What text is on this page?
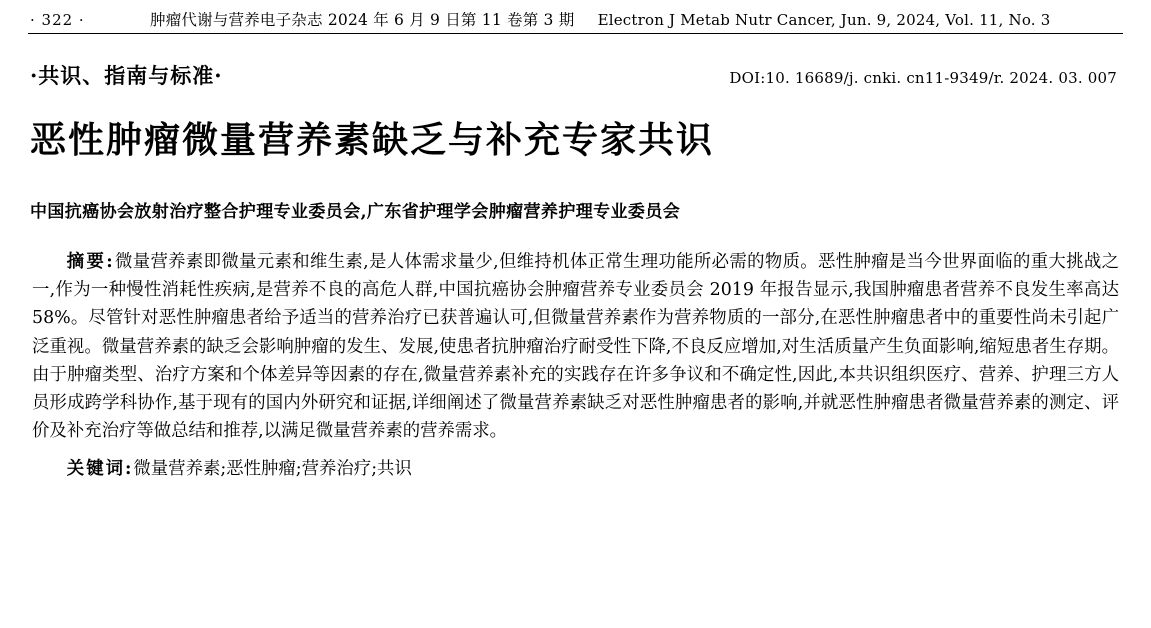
· 322 ·	肿瘤代谢与营养电子杂志 2024 年 6 月 9 日第 11 卷第 3 期 Electron J Metab Nutr Cancer, Jun. 9, 2024, Vol. 11, No. 3
·共识、指南与标准·	DOI:10. 16689/j. cnki. cn11-9349/r. 2024. 03. 007
恶性肿瘤微量营养素缺乏与补充专家共识
中国抗癌协会放射治疗整合护理专业委员会,广东省护理学会肿瘤营养护理专业委员会

摘要:微量营养素即微量元素和维生素,是人体需求量少,但维持机体正常生理功能所必需的物质。恶性肿瘤是当今世界面临的重大挑战之一,作为一种慢性消耗性疾病,是营养不良的高危人群,中国抗癌协会肿瘤营养专业委员会 2019 年报告显示,我国肿瘤患者营养不良发生率高达 58%。尽管针对恶性肿瘤患者给予适当的营养治疗已获普遍认可,但微量营养素作为营养物质的一部分,在恶性肿瘤患者中的重要性尚未引起广泛重视。微量营养素的缺乏会影响肿瘤的发生、发展,使患者抗肿瘤治疗耐受性下降,不良反应增加,对生活质量产生负面影响,缩短患者生存期。由于肿瘤类型、治疗方案和个体差异等因素的存在,微量营养素补充的实践存在许多争议和不确定性,因此,本共识组织医疗、营养、护理三方人员形成跨学科协作,基于现有的国内外研究和证据,详细阐述了微量营养素缺乏对恶性肿瘤患者的影响,并就恶性肿瘤患者微量营养素的测定、评价及补充治疗等做总结和推荐,以满足微量营养素的营养需求。

关键词:微量营养素;恶性肿瘤;营养治疗;共识
